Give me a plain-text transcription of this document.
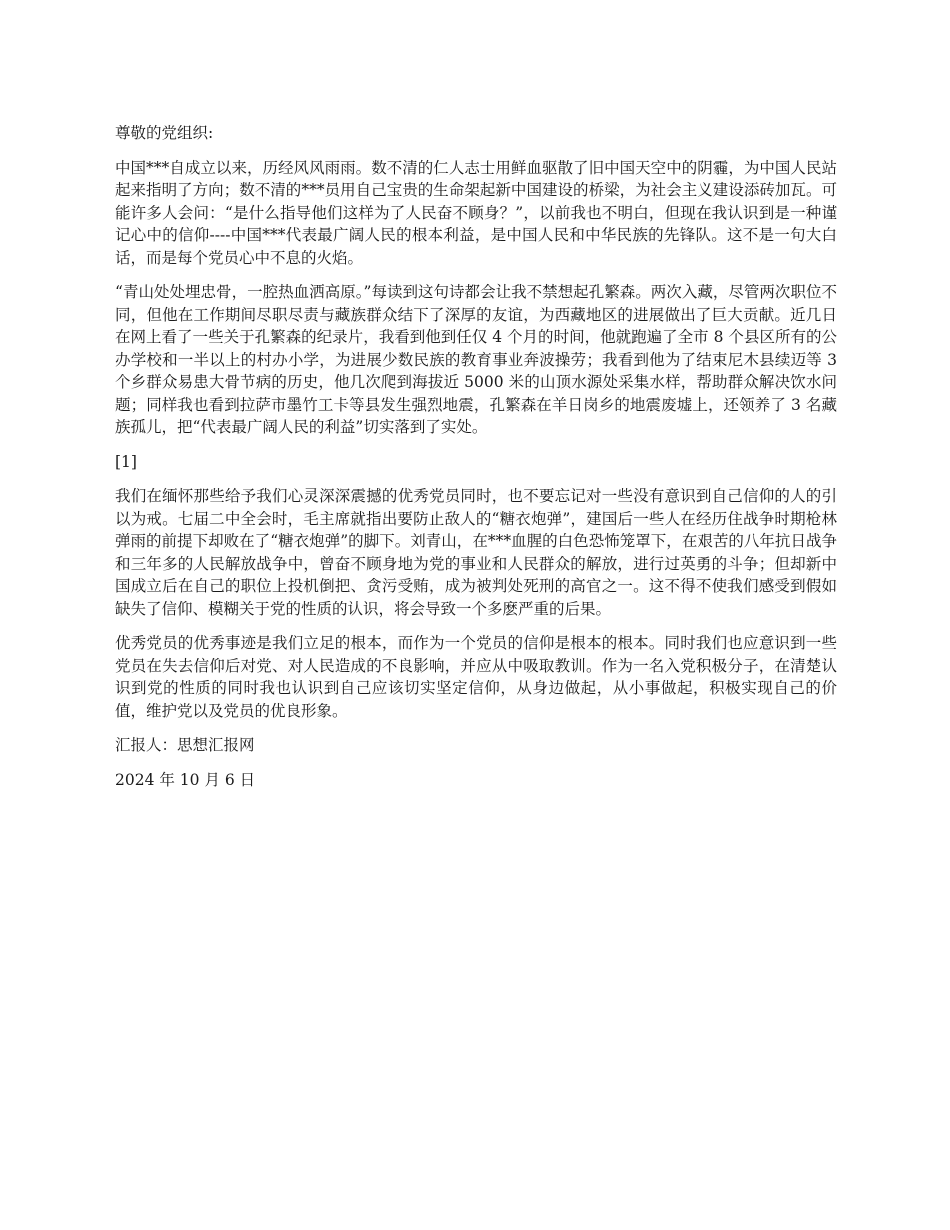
尊敬的党组织:

中国***自成立以来，历经风风雨雨。数不清的仁人志士用鲜血驱散了旧中国天空中的阴霾，为中国人民站起来指明了方向；数不清的***员用自己宝贵的生命架起新中国建设的桥梁，为社会主义建设添砖加瓦。可能许多人会问：“是什么指导他们这样为了人民奋不顾身？”，以前我也不明白，但现在我认识到是一种谨记心中的信仰----中国***代表最广阔人民的根本利益，是中国人民和中华民族的先锋队。这不是一句大白话，而是每个党员心中不息的火焰。

“青山处处埋忠骨，一腔热血洒高原。”每读到这句诗都会让我不禁想起孔繁森。两次入藏，尽管两次职位不同，但他在工作期间尽职尽责与藏族群众结下了深厚的友谊，为西藏地区的进展做出了巨大贡献。近几日在网上看了一些关于孔繁森的纪录片，我看到他到任仅 4 个月的时间，他就跑遍了全市 8 个县区所有的公办学校和一半以上的村办小学，为进展少数民族的教育事业奔波操劳；我看到他为了结束尼木县续迈等 3 个乡群众易患大骨节病的历史，他几次爬到海拔近 5000 米的山顶水源处采集水样，帮助群众解决饮水问题；同样我也看到拉萨市墨竹工卡等县发生强烈地震，孔繁森在羊日岗乡的地震废墟上，还领养了 3 名藏族孤儿，把“代表最广阔人民的利益”切实落到了实处。

[1]

我们在缅怀那些给予我们心灵深深震撼的优秀党员同时，也不要忘记对一些没有意识到自己信仰的人的引以为戒。七届二中全会时，毛主席就指出要防止敌人的“糖衣炮弹”，建国后一些人在经历住战争时期枪林弹雨的前提下却败在了“糖衣炮弹”的脚下。刘青山，在***血腥的白色恐怖笼罩下，在艰苦的八年抗日战争和三年多的人民解放战争中，曾奋不顾身地为党的事业和人民群众的解放，进行过英勇的斗争；但却新中国成立后在自己的职位上投机倒把、贪污受贿，成为被判处死刑的高官之一。这不得不使我们感受到假如缺失了信仰、模糊关于党的性质的认识，将会导致一个多麽严重的后果。

优秀党员的优秀事迹是我们立足的根本，而作为一个党员的信仰是根本的根本。同时我们也应意识到一些党员在失去信仰后对党、对人民造成的不良影响，并应从中吸取教训。作为一名入党积极分子，在清楚认识到党的性质的同时我也认识到自己应该切实坚定信仰，从身边做起，从小事做起，积极实现自己的价值，维护党以及党员的优良形象。

汇报人：思想汇报网

2024 年 10 月 6 日
